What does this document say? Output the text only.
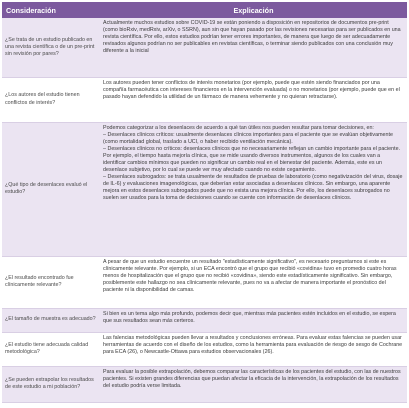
Consideración	Explicación
¿Se trata de un estudio publicado en una revista científica o de un pre-print sin revisión por pares?	Actualmente muchos estudios sobre COVID-19 se están poniendo a disposición en repositorios de documentos pre-print (como bioRxiv, medRxiv, arXiv, o SSRN), aun sin que hayan pasado por las revisiones necesarias para ser publicados en una revista científica. Por ello, estos estudios podrían tener errores importantes, de manera que luego de ser adecuadamente revisados algunos podrían no ser publicables en revistas científicas, o terminar siendo publicados con una conclusión muy diferente a la inicial
¿Los autores del estudio tienen conflictos de interés?	Los autores pueden tener conflictos de interés monetarios (por ejemplo, puede que estén siendo financiados por una compañía farmacéutica con intereses financieros en la intervención evaluada) o no monetarios (por ejemplo, puede que en el pasado hayan defendido la utilidad de un fármaco de manera vehemente y no quieran retractarse).
¿Qué tipo de desenlaces evaluó el estudio?	Podemos categorizar a los desenlaces de acuerdo a qué tan útiles nos pueden resultar para tomar decisiones, en:
– Desenlaces clínicos críticos: usualmente desenlaces clínicos importantes para el paciente que se evalúan objetivamente (como mortalidad global, traslado a UCI, o haber recibido ventilación mecánica).
– Desenlaces clínicos no críticos: desenlaces clínicos que no necesariamente reflejan un cambio importante para el paciente. Por ejemplo, el tiempo hasta mejoría clínica, que se mide usando diversos instrumentos, algunos de los cuales van a identificar cambios mínimos que pueden no significar un cambio real en el bienestar del paciente. Además, este es un desenlace subjetivo, por lo cual se puede ver muy afectado cuando no existe cegamiento.
– Desenlaces subrogados: se trata usualmente de resultados de pruebas de laboratorio (como negativización del virus, dosaje de IL-6) y evaluaciones imagenológicas, que deberían estar asociadas a desenlaces clínicos. Sin embargo, una aparente mejora en estos desenlaces subrogados puede que no exista una mejora clínica. Por ello, los desenlaces subrogados no suelen ser usados para la toma de decisiones cuando se cuente con información de desenlaces clínicos.

¿El resultado encontrado fue clínicamente relevante?	A pesar de que un estudio encuentre un resultado "estadísticamente significativo", es necesario preguntarnos si este es clínicamente relevante. Por ejemplo, si un ECA encontró que el grupo que recibió «covidina» tuvo en promedio cuatro horas menos de hospitalización que el grupo que no recibió «covidina», siendo este estadísticamente significativo. Sin embargo, posiblemente este hallazgo no sea clínicamente relevante, pues no va a afectar de manera importante el pronóstico del paciente ni la disponibilidad de camas.
¿El tamaño de muestra es adecuado?	Si bien es un tema algo más profundo, podemos decir que, mientras más pacientes estén incluidos en el estudio, se espera que sus resultados sean más certeros.
¿El estudio tiene adecuada calidad metodológica?	Las falencias metodológicas pueden llevar a resultados y conclusiones erróneas. Para evaluar estas falencias se pueden usar herramientas de acuerdo con el diseño de los estudios, como la herramienta para evaluación de riesgo de sesgo de Cochrane para ECA (26), o Newcastle-Ottawa para estudios observacionales (26).
¿Se pueden extrapolar los resultados de este estudio a mi población?	Para evaluar la posible extrapolación, debemos comparar las características de los pacientes del estudio, con las de nuestros pacientes. Si existen grandes diferencias que puedan afectar la eficacia de la intervención, la extrapolación de los resultados del estudio podría verse limitada.
